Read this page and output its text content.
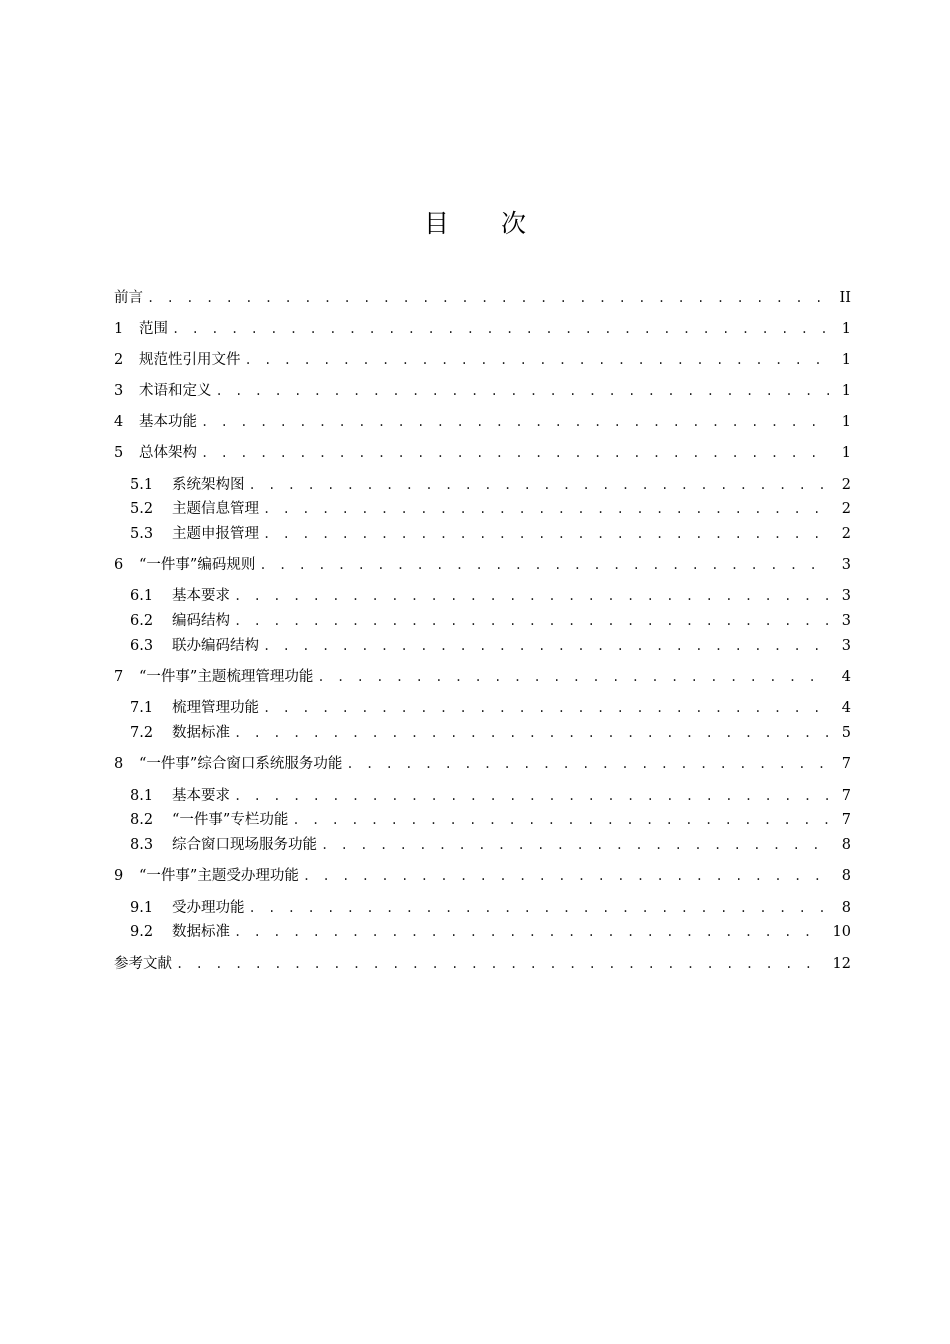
目 次
前言 . . .	II
1	范围 . . .	1
2	规范性引用文件 . . .	1
3	术语和定义 . . .	1
4	基本功能 . . .	1
5	总体架构 . . .	1
5.1	系统架构图 . . .	2
5.2	主题信息管理 . . .	2
5.3	主题申报管理 . . .	2
6	“一件事”编码规则 . . .	3
6.1	基本要求 . . .	3
6.2	编码结构 . . .	3
6.3	联办编码结构 . . .	3
7	“一件事”主题梳理管理功能 . . .	4
7.1	梳理管理功能 . . .	4
7.2	数据标准 . . .	5
8	“一件事”综合窗口系统服务功能 . . .	7
8.1	基本要求 . . .	7
8.2	“一件事”专栏功能 . . .	7
8.3	综合窗口现场服务功能 . . .	8
9	“一件事”主题受办理功能 . . .	8
9.1	受办理功能 . . .	8
9.2	数据标准 . . .	10
参考文献 . . .	12
